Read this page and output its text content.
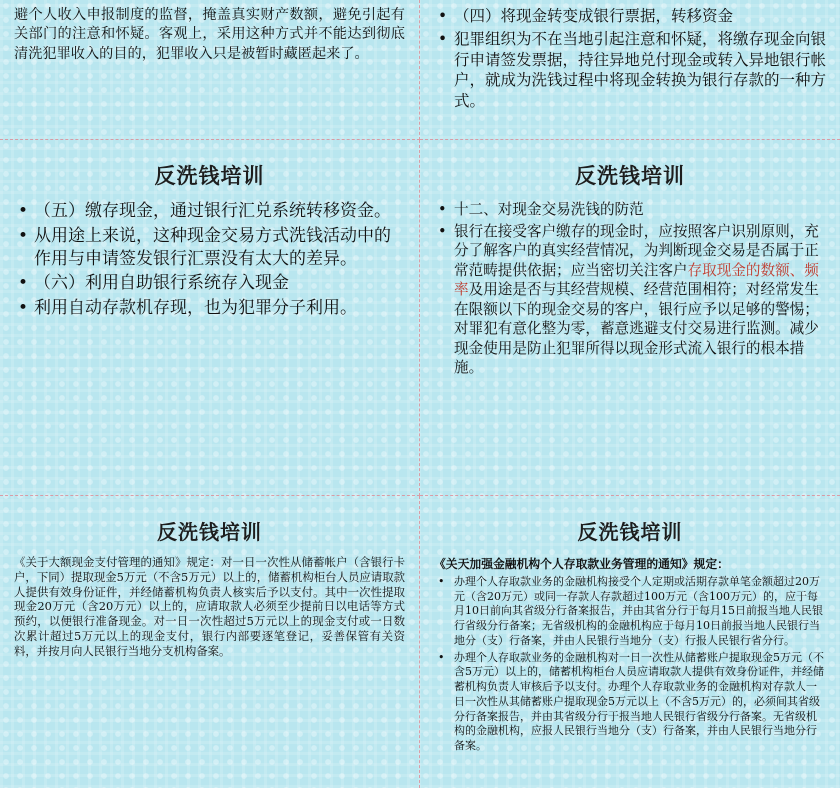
避个人收入申报制度的监督，掩盖真实财产数额，避免引起有关部门的注意和怀疑。客观上，采用这种方式并不能达到彻底清洗犯罪收入的目的，犯罪收入只是被暂时藏匿起来了。

• （四）将现金转变成银行票据，转移资金
• 犯罪组织为不在当地引起注意和怀疑，将缴存现金向银行申请签发票据，持往异地兑付现金或转入异地银行帐户，就成为洗钱过程中将现金转换为银行存款的一种方式。
反洗钱培训
• （五）缴存现金，通过银行汇兑系统转移资金。
• 从用途上来说，这种现金交易方式洗钱活动中的作用与申请签发银行汇票没有太大的差异。
• （六）利用自助银行系统存入现金
• 利用自动存款机存现，也为犯罪分子利用。
反洗钱培训
• 十二、对现金交易洗钱的防范
• 银行在接受客户缴存的现金时，应按照客户识别原则，充分了解客户的真实经营情况，为判断现金交易是否属于正常范畴提供依据；应当密切关注客户存取现金的数额、频率及用途是否与其经营规模、经营范围相符；对经常发生在限额以下的现金交易的客户，银行应予以足够的警惕；对罪犯有意化整为零，蓄意逃避支付交易进行监测。减少现金使用是防止犯罪所得以现金形式流入银行的根本措施。
反洗钱培训

《关于大额现金支付管理的通知》规定：对一日一次性从储蓄帐户（含银行卡户，下同）提取现金5万元（不含5万元）以上的，储蓄机构柜台人员应请取款人提供有效身份证件，并经储蓄机构负责人核实后予以支付。其中一次性提取现金20万元（含20万元）以上的，应请取款人必须至少提前日以电话等方式预约，以便银行准备现金。对一日一次性超过5万元以上的现金支付或一日数次累计超过5万元以上的现金支付，银行内部要逐笔登记，妥善保管有关资料，并按月向人民银行当地分支机构备案。

反洗钱培训

《关天加强金融机构个人存取款业务管理的通知》规定：

• 办理个人存取款业务的金融机构接受个人定期或活期存款单笔金额超过20万元（含20万元）或同一存款人存款超过100万元（含100万元）的，应于每月10日前向其省级分行备案报告，并由其省分行于每月15日前报当地人民银行省级分行备案；无省级机构的金融机构应于每月10日前报当地人民银行当地分（支）行备案，并由人民银行当地分（支）行报人民银行省分行。
• 办理个人存取款业务的金融机构对一日一次性从储蓄账户提取现金5万元（不含5万元）以上的，储蓄机构柜台人员应请取款人提供有效身份证件，并经储蓄机构负责人审核后予以支付。办理个人存取款业务的金融机构对存款人一日一次性从其储蓄账户提取现金5万元以上（不含5万元）的，必须间其省级分行备案报告，并由其省级分行于报当地人民银行省级分行备案。无省级机构的金融机构，应报人民银行当地分（支）行备案，并由人民银行当地分行备案。
